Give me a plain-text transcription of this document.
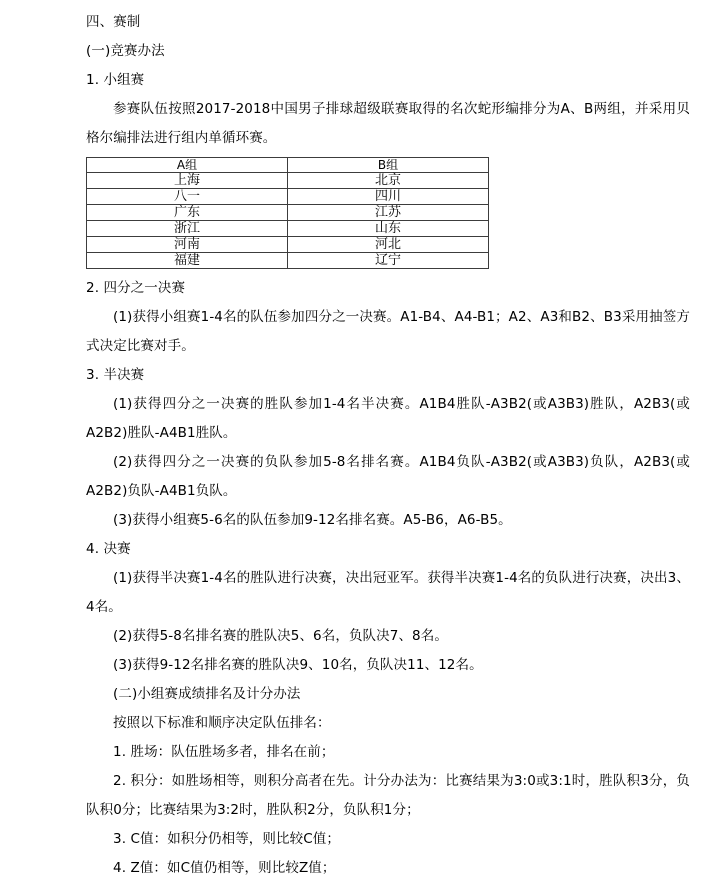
四、赛制

(一)竞赛办法

1. 小组赛

参赛队伍按照2017-2018中国男子排球超级联赛取得的名次蛇形编排分为A、B两组，并采用贝格尔编排法进行组内单循环赛。

A组	B组
上海	北京
八一	四川
广东	江苏
浙江	山东
河南	河北
福建	辽宁

2. 四分之一决赛

(1)获得小组赛1-4名的队伍参加四分之一决赛。A1-B4、A4-B1；A2、A3和B2、B3采用抽签方式决定比赛对手。

3. 半决赛

(1)获得四分之一决赛的胜队参加1-4名半决赛。A1B4胜队-A3B2(或A3B3)胜队，A2B3(或A2B2)胜队-A4B1胜队。

(2)获得四分之一决赛的负队参加5-8名排名赛。A1B4负队-A3B2(或A3B3)负队，A2B3(或A2B2)负队-A4B1负队。

(3)获得小组赛5-6名的队伍参加9-12名排名赛。A5-B6，A6-B5。

4. 决赛

(1)获得半决赛1-4名的胜队进行决赛，决出冠亚军。获得半决赛1-4名的负队进行决赛，决出3、4名。

(2)获得5-8名排名赛的胜队决5、6名，负队决7、8名。

(3)获得9-12名排名赛的胜队决9、10名，负队决11、12名。

(二)小组赛成绩排名及计分办法

按照以下标准和顺序决定队伍排名：

1. 胜场：队伍胜场多者，排名在前；

2. 积分：如胜场相等，则积分高者在先。计分办法为：比赛结果为3:0或3:1时，胜队积3分，负队积0分；比赛结果为3:2时，胜队积2分，负队积1分；

3. C值：如积分仍相等，则比较C值；

4. Z值：如C值仍相等，则比较Z值；
